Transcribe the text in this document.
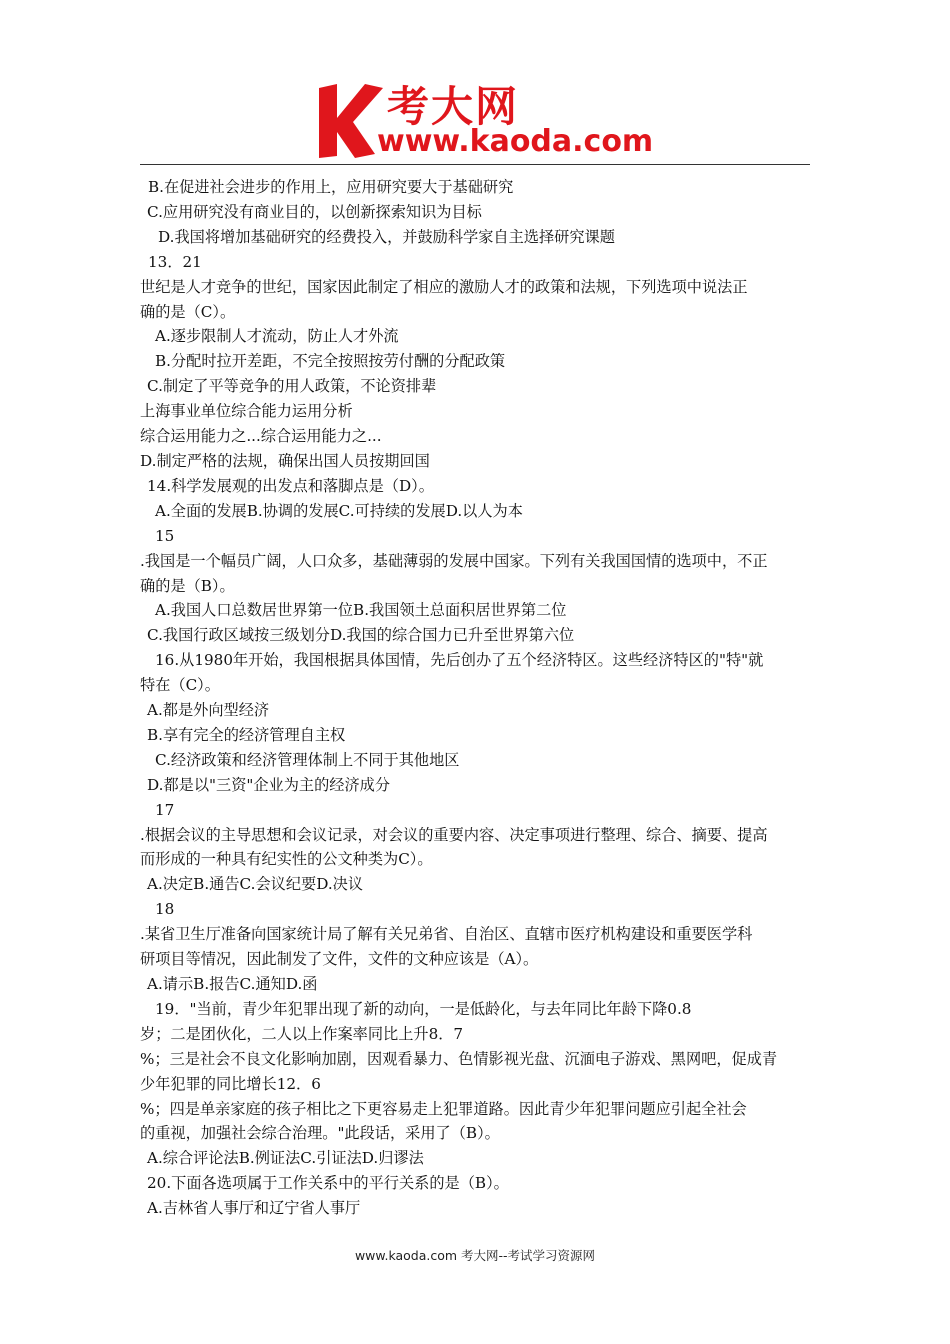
考大网
www.kaoda.com
B.在促进社会进步的作用上，应用研究要大于基础研究
C.应用研究没有商业目的，以创新探索知识为目标
D.我国将增加基础研究的经费投入，并鼓励科学家自主选择研究课题
13．21
世纪是人才竞争的世纪，国家因此制定了相应的激励人才的政策和法规，下列选项中说法正
确的是（C）。
A.逐步限制人才流动，防止人才外流
B.分配时拉开差距，不完全按照按劳付酬的分配政策
C.制定了平等竞争的用人政策，不论资排辈
上海事业单位综合能力运用分析
综合运用能力之...综合运用能力之...
D.制定严格的法规，确保出国人员按期回国
14.科学发展观的出发点和落脚点是（D）。
A.全面的发展B.协调的发展C.可持续的发展D.以人为本
15
.我国是一个幅员广阔，人口众多，基础薄弱的发展中国家。下列有关我国国情的选项中，不正
确的是（B）。
A.我国人口总数居世界第一位B.我国领土总面积居世界第二位
C.我国行政区域按三级划分D.我国的综合国力已升至世界第六位
16.从1980年开始，我国根据具体国情，先后创办了五个经济特区。这些经济特区的"特"就
特在（C）。
A.都是外向型经济
B.享有完全的经济管理自主权
C.经济政策和经济管理体制上不同于其他地区
D.都是以"三资"企业为主的经济成分
17
.根据会议的主导思想和会议记录，对会议的重要内容、决定事项进行整理、综合、摘要、提高
而形成的一种具有纪实性的公文种类为C）。
A.决定B.通告C.会议纪要D.决议
18
.某省卫生厅准备向国家统计局了解有关兄弟省、自治区、直辖市医疗机构建设和重要医学科
研项目等情况，因此制发了文件，文件的文种应该是（A）。
A.请示B.报告C.通知D.函
19．"当前，青少年犯罪出现了新的动向，一是低龄化，与去年同比年龄下降0.8
岁；二是团伙化，二人以上作案率同比上升8．7
%；三是社会不良文化影响加剧，因观看暴力、色情影视光盘、沉湎电子游戏、黑网吧，促成青
少年犯罪的同比增长12．6
%；四是单亲家庭的孩子相比之下更容易走上犯罪道路。因此青少年犯罪问题应引起全社会
的重视，加强社会综合治理。"此段话，采用了（B）。
A.综合评论法B.例证法C.引证法D.归谬法
20.下面各选项属于工作关系中的平行关系的是（B）。
A.吉林省人事厅和辽宁省人事厅
www.kaoda.com 考大网--考试学习资源网
